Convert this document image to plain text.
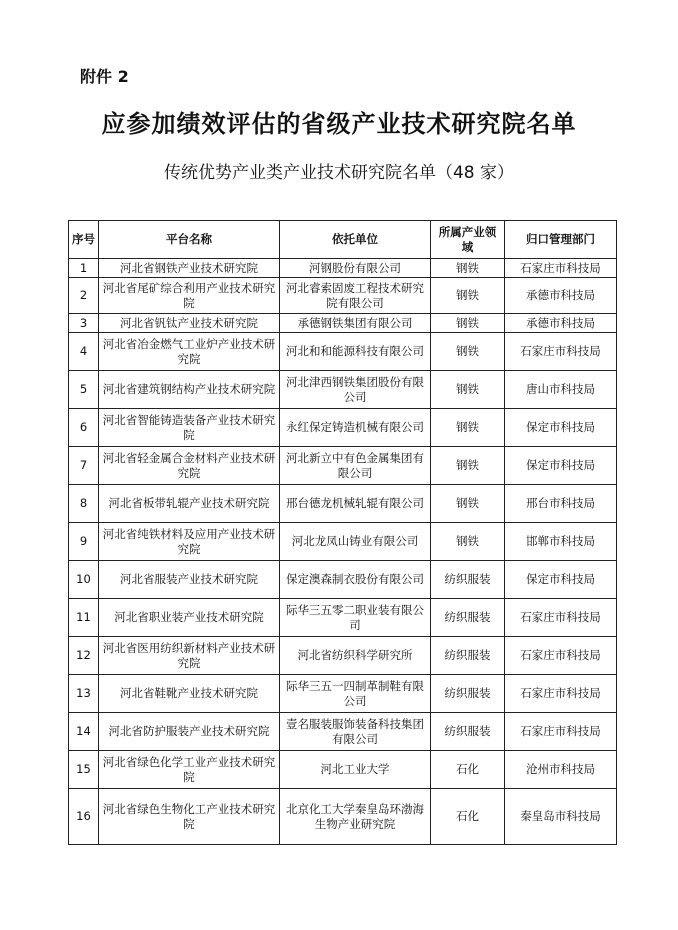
附件 2
应参加绩效评估的省级产业技术研究院名单
传统优势产业类产业技术研究院名单（48 家）
序号	平台名称	依托单位	所属产业领域	归口管理部门
1	河北省钢铁产业技术研究院	河钢股份有限公司	钢铁	石家庄市科技局
2	河北省尾矿综合利用产业技术研究院	河北睿索固废工程技术研究院有限公司	钢铁	承德市科技局
3	河北省钒钛产业技术研究院	承德钢铁集团有限公司	钢铁	承德市科技局
4	河北省冶金燃气工业炉产业技术研究院	河北和和能源科技有限公司	钢铁	石家庄市科技局
5	河北省建筑钢结构产业技术研究院	河北津西钢铁集团股份有限公司	钢铁	唐山市科技局
6	河北省智能铸造装备产业技术研究院	永红保定铸造机械有限公司	钢铁	保定市科技局
7	河北省轻金属合金材料产业技术研究院	河北新立中有色金属集团有限公司	钢铁	保定市科技局
8	河北省板带轧辊产业技术研究院	邢台德龙机械轧辊有限公司	钢铁	邢台市科技局
9	河北省纯铁材料及应用产业技术研究院	河北龙凤山铸业有限公司	钢铁	邯郸市科技局
10	河北省服装产业技术研究院	保定澳森制衣股份有限公司	纺织服装	保定市科技局
11	河北省职业装产业技术研究院	际华三五零二职业装有限公司	纺织服装	石家庄市科技局
12	河北省医用纺织新材料产业技术研究院	河北省纺织科学研究所	纺织服装	石家庄市科技局
13	河北省鞋靴产业技术研究院	际华三五一四制革制鞋有限公司	纺织服装	石家庄市科技局
14	河北省防护服装产业技术研究院	壹名服装服饰装备科技集团有限公司	纺织服装	石家庄市科技局
15	河北省绿色化学工业产业技术研究院	河北工业大学	石化	沧州市科技局
16	河北省绿色生物化工产业技术研究院	北京化工大学秦皇岛环渤海生物产业研究院	石化	秦皇岛市科技局
